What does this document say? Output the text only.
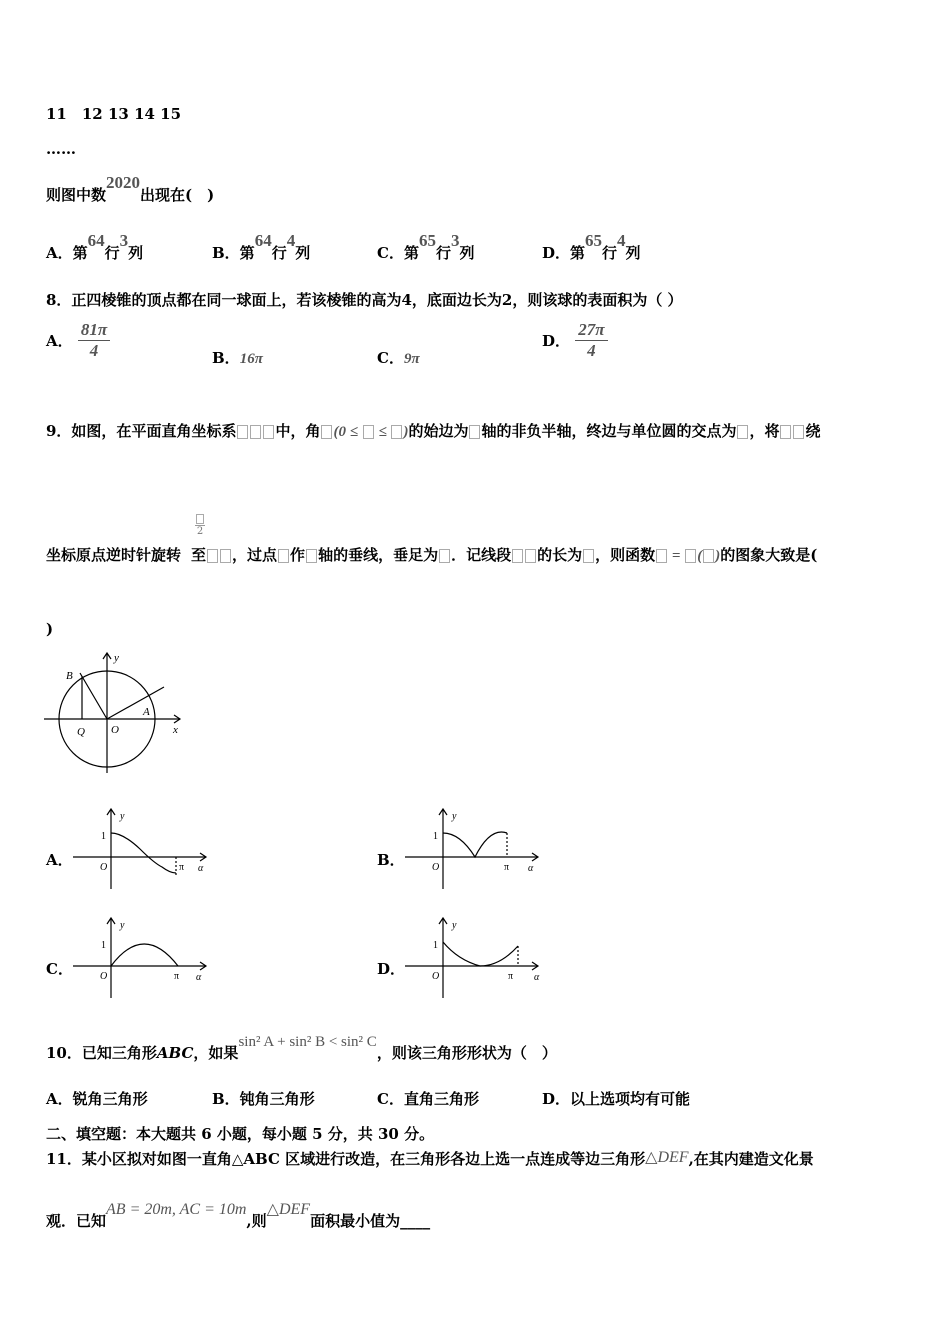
11　12 13 14 15
……
则图中数2020出现在(　)
A．第64行3列	B．第64行4列	C．第65行3列	D．第65行4列
8．正四棱锥的顶点都在同一球面上，若该棱锥的高为4，底面边长为2，则该球的表面积为（ ）
A． $\frac{81\pi}{4}$	B．16π	C．9π
D． $\frac{27\pi}{4}$
9．如图，在平面直角坐标系	中，角 (0 ≤  ≤ )的始边为 轴的非负半轴，终边与单位圆的交点为 ，将 绕

2
坐标原点逆时针旋转 至 ，过点 作 轴的垂线，垂足为 ．记线段 的长为 ，则函数 = ( )的图象大致是(
)
B
A
Q O	x
y
A．
y
1
O	π α	B．
y
1
O	π α
C．
y
1
O	π α	D．
y
1
O	π α
10．已知三角形ABC，如果sin² A + sin² B < sin² C，则该三角形形状为（　）
A．锐角三角形	B．钝角三角形	C．直角三角形	D．以上选项均有可能
二、填空题：本大题共 6 小题，每小题 5 分，共 30 分。
11．某小区拟对如图一直角△ABC 区域进行改造，在三角形各边上选一点连成等边三角形△DEF,在其内建造文化景
观．已知AB = 20m, AC = 10m,则△DEF面积最小值为____
